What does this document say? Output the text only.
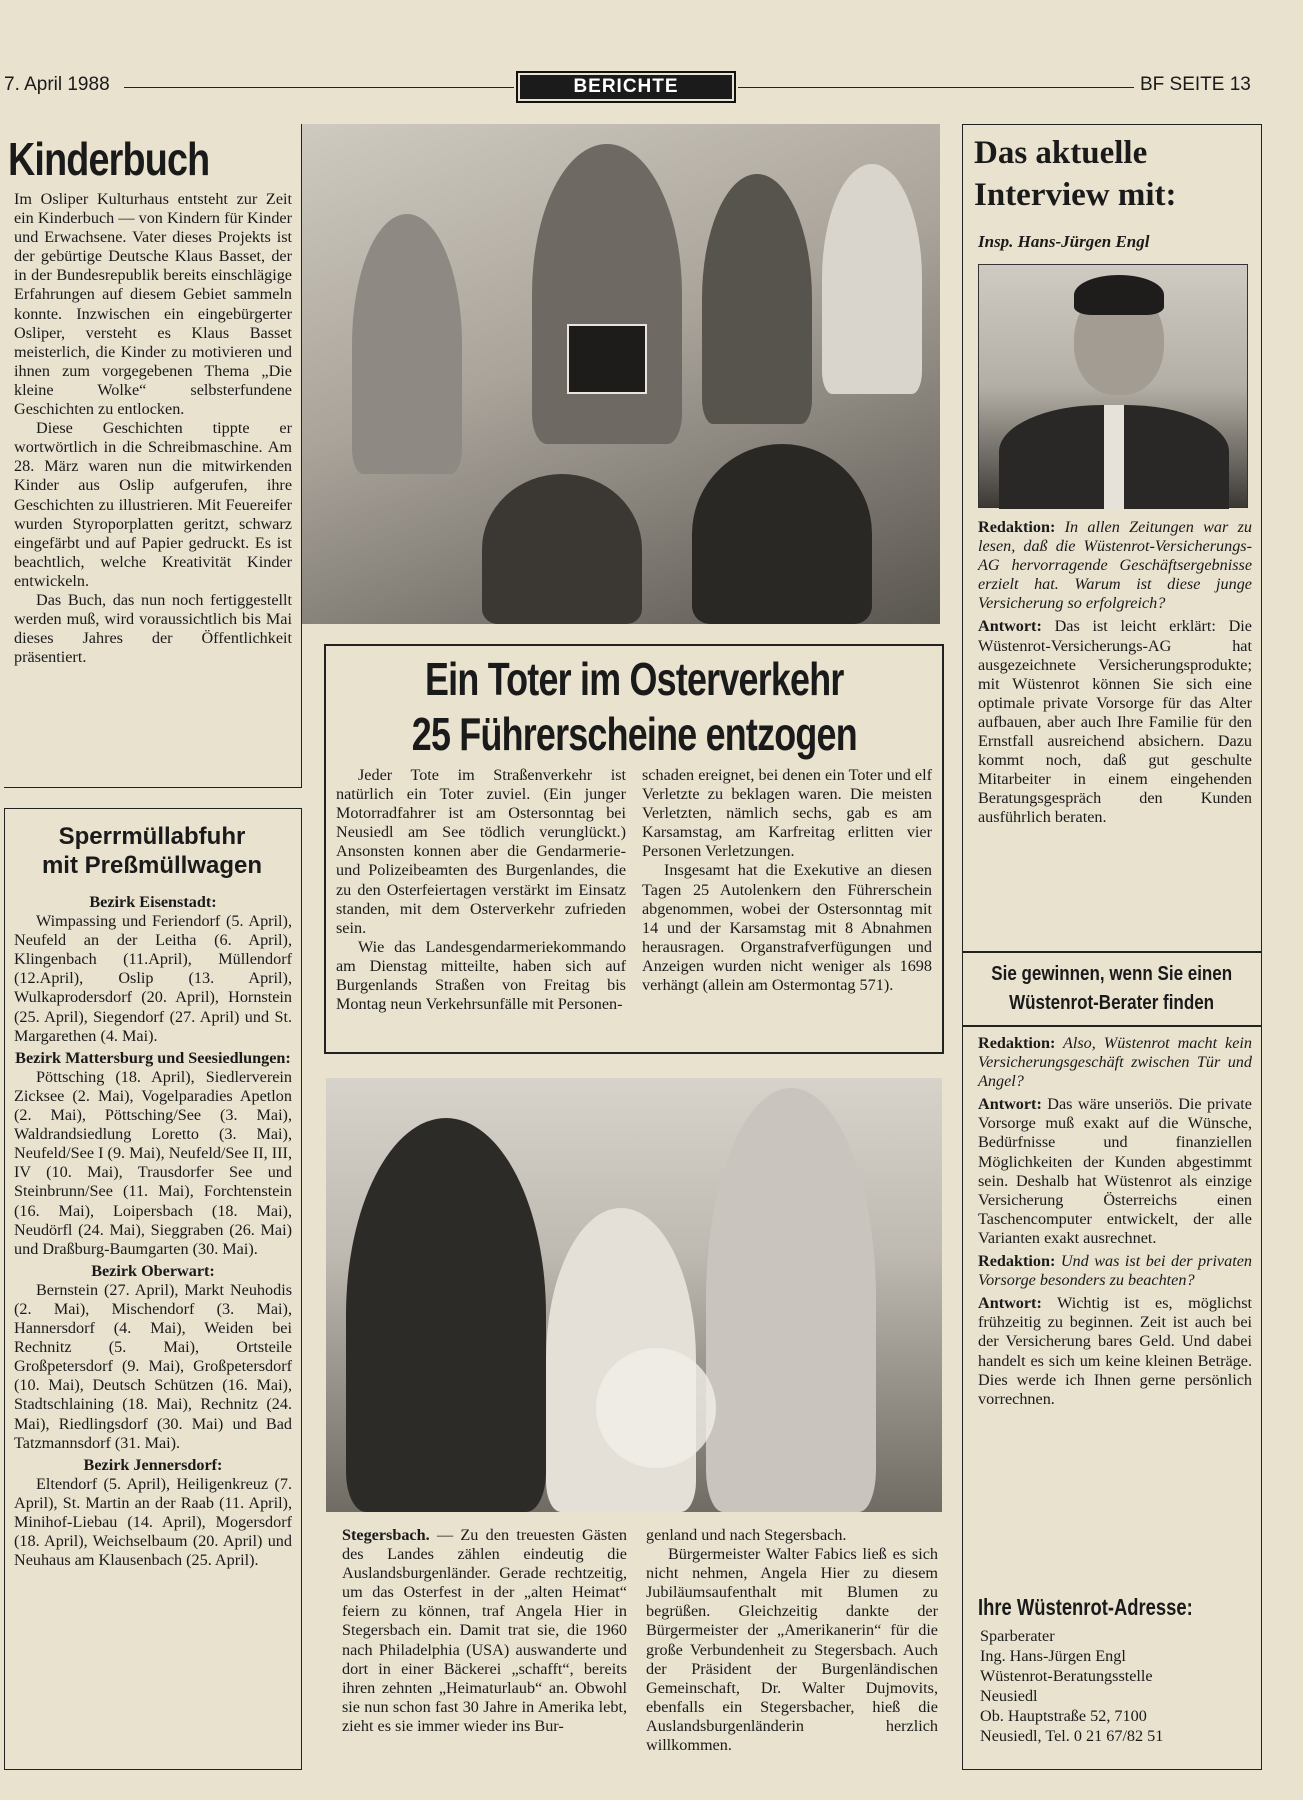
7. April 1988	BERICHTE	BF SEITE 13
Kinderbuch

Im Osliper Kulturhaus entsteht zur Zeit ein Kinderbuch — von Kindern für Kinder und Erwachsene. Vater dieses Projekts ist der gebürtige Deutsche Klaus Basset, der in der Bundesrepublik bereits einschlägige Erfahrungen auf diesem Gebiet sammeln konnte. Inzwischen ein eingebürgerter Osliper, versteht es Klaus Basset meisterlich, die Kinder zu motivieren und ihnen zum vorgegebenen Thema „Die kleine Wolke“ selbsterfundene Geschichten zu entlocken.

Diese Geschichten tippte er wortwörtlich in die Schreibmaschine. Am 28. März waren nun die mitwirkenden Kinder aus Oslip aufgerufen, ihre Geschichten zu illustrieren. Mit Feuereifer wurden Styroporplatten geritzt, schwarz eingefärbt und auf Papier gedruckt. Es ist beachtlich, welche Kreativität Kinder entwickeln.

Das Buch, das nun noch fertiggestellt werden muß, wird voraussichtlich bis Mai dieses Jahres der Öffentlichkeit präsentiert.

Sperrmüllabfuhr
mit Preßmüllwagen
Bezirk Eisenstadt:

Wimpassing und Feriendorf (5. April), Neufeld an der Leitha (6. April), Klingenbach (11.April), Müllendorf (12.April), Oslip (13. April), Wulkaprodersdorf (20. April), Hornstein (25. April), Siegendorf (27. April) und St. Margarethen (4. Mai).

Bezirk Mattersburg und Seesiedlungen:

Pöttsching (18. April), Siedlerverein Zicksee (2. Mai), Vogelparadies Apetlon (2. Mai), Pöttsching/See (3. Mai), Waldrandsiedlung Loretto (3. Mai), Neufeld/See I (9. Mai), Neufeld/See II, III, IV (10. Mai), Trausdorfer See und Steinbrunn/See (11. Mai), Forchtenstein (16. Mai), Loipersbach (18. Mai), Neudörfl (24. Mai), Sieggraben (26. Mai) und Draßburg-Baumgarten (30. Mai).

Bezirk Oberwart:

Bernstein (27. April), Markt Neuhodis (2. Mai), Mischendorf (3. Mai), Hannersdorf (4. Mai), Weiden bei Rechnitz (5. Mai), Ortsteile Großpetersdorf (9. Mai), Großpetersdorf (10. Mai), Deutsch Schützen (16. Mai), Stadtschlaining (18. Mai), Rechnitz (24. Mai), Riedlingsdorf (30. Mai) und Bad Tatzmannsdorf (31. Mai).

Bezirk Jennersdorf:

Eltendorf (5. April), Heiligenkreuz (7. April), St. Martin an der Raab (11. April), Minihof-Liebau (14. April), Mogersdorf (18. April), Weichselbaum (20. April) und Neuhaus am Klausenbach (25. April).

Ein Toter im Osterverkehr
25 Führerscheine entzogen

Jeder Tote im Straßenverkehr ist natürlich ein Toter zuviel. (Ein junger Motorradfahrer ist am Ostersonntag bei Neusiedl am See tödlich verunglückt.) Ansonsten konnen aber die Gendarmerie- und Polizeibeamten des Burgenlandes, die zu den Osterfeiertagen verstärkt im Einsatz standen, mit dem Osterverkehr zufrieden sein.

Wie das Landesgendarmeriekommando am Dienstag mitteilte, haben sich auf Burgenlands Straßen von Freitag bis Montag neun Verkehrsunfälle mit Personen-

schaden ereignet, bei denen ein Toter und elf Verletzte zu beklagen waren. Die meisten Verletzten, nämlich sechs, gab es am Karsamstag, am Karfreitag erlitten vier Personen Verletzungen.

Insgesamt hat die Exekutive an diesen Tagen 25 Autolenkern den Führerschein abgenommen, wobei der Ostersonntag mit 14 und der Karsamstag mit 8 Abnahmen herausragen. Organstrafverfügungen und Anzeigen wurden nicht weniger als 1698 verhängt (allein am Ostermontag 571).

Stegersbach. — Zu den treuesten Gästen des Landes zählen eindeutig die Auslandsburgenländer. Gerade rechtzeitig, um das Osterfest in der „alten Heimat“ feiern zu können, traf Angela Hier in Stegersbach ein. Damit trat sie, die 1960 nach Philadelphia (USA) auswanderte und dort in einer Bäckerei „schafft“, bereits ihren zehnten „Heimaturlaub“ an. Obwohl sie nun schon fast 30 Jahre in Amerika lebt, zieht es sie immer wieder ins Bur-

genland und nach Stegersbach.

Bürgermeister Walter Fabics ließ es sich nicht nehmen, Angela Hier zu diesem Jubiläumsaufenthalt mit Blumen zu begrüßen. Gleichzeitig dankte der Bürgermeister der „Amerikanerin“ für die große Verbundenheit zu Stegersbach. Auch der Präsident der Burgenländischen Gemeinschaft, Dr. Walter Dujmovits, ebenfalls ein Stegersbacher, hieß die Auslandsburgenländerin herzlich willkommen.

Das aktuelle
Interview mit:
Insp. Hans-Jürgen Engl

Redaktion: In allen Zeitungen war zu lesen, daß die Wüstenrot-Versicherungs-AG hervorragende Geschäftsergebnisse erzielt hat. Warum ist diese junge Versicherung so erfolgreich?

Antwort: Das ist leicht erklärt: Die Wüstenrot-Versicherungs-AG hat ausgezeichnete Versicherungsprodukte; mit Wüstenrot können Sie sich eine optimale private Vorsorge für das Alter aufbauen, aber auch Ihre Familie für den Ernstfall ausreichend absichern. Dazu kommt noch, daß gut geschulte Mitarbeiter in einem eingehenden Beratungsgespräch den Kunden ausführlich beraten.

Sie gewinnen, wenn Sie einen
Wüstenrot-Berater finden

Redaktion: Also, Wüstenrot macht kein Versicherungsgeschäft zwischen Tür und Angel?

Antwort: Das wäre unseriös. Die private Vorsorge muß exakt auf die Wünsche, Bedürfnisse und finanziellen Möglichkeiten der Kunden abgestimmt sein. Deshalb hat Wüstenrot als einzige Versicherung Österreichs einen Taschencomputer entwickelt, der alle Varianten exakt ausrechnet.

Redaktion: Und was ist bei der privaten Vorsorge besonders zu beachten?

Antwort: Wichtig ist es, möglichst frühzeitig zu beginnen. Zeit ist auch bei der Versicherung bares Geld. Und dabei handelt es sich um keine kleinen Beträge. Dies werde ich Ihnen gerne persönlich vorrechnen.

Ihre Wüstenrot-Adresse:
Sparberater
Ing. Hans-Jürgen Engl
Wüstenrot-Beratungsstelle
Neusiedl
Ob. Hauptstraße 52, 7100
Neusiedl, Tel. 0 21 67/82 51
